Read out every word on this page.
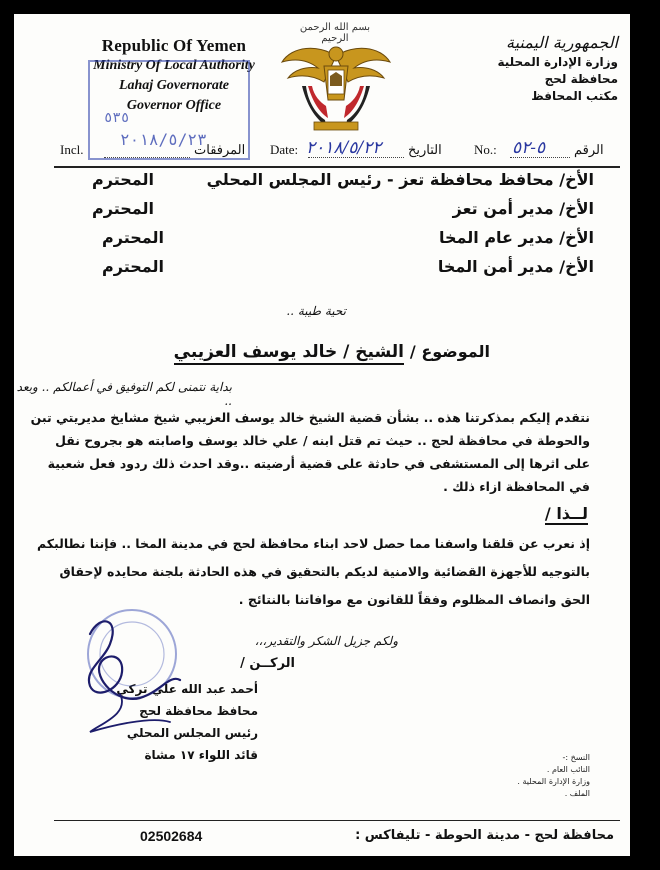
Republic Of Yemen
Ministry Of Local Authority
Lahaj Governorate
Governor Office
٥٣٥
٢٠١٨/٥/٢٣
بسم الله الرحمن الرحيم	الجمهورية اليمنية
وزارة الإدارة المحلية
محافظة لحج
مكتب المحافظ
Incl.	المرفقات Date: ٢٠١٨/٥/٢٢ التاريخ No.: ٥-٥٢ الرقم
الأخ/ محافظ محافظة تعز - رئيس المجلس المحلي
المحترم
الأخ/ مدير أمن تعز
المحترم
الأخ/ مدير عام المخا
المحترم
الأخ/ مدير أمن المخا
المحترم
تحية طيبة ..
الموضوع / الشيخ / خالد يوسف العزيبي
بداية نتمنى لكم التوفيق في أعمالكم .. وبعد ..
نتقدم إليكم بمذكرتنا هذه .. بشأن قضية الشيخ خالد يوسف العزيبي شيخ مشايخ مديريتي تبن والحوطة في محافظة لحج .. حيث تم قتل ابنه / علي خالد يوسف واصابته هو بجروح نقل على اثرها إلى المستشفى في حادثة على قضية أرضيته ..وقد احدث ذلك ردود فعل شعبية في المحافظة ازاء ذلك .
لــذا /
إذ نعرب عن قلقنا واسفنا مما حصل لاحد ابناء محافظة لحج في مدينة المخا .. فإننا نطالبكم بالتوجيه للأجهزة القضائية والامنية لديكم بالتحقيق في هذه الحادثة بلجنة محايده لإحقاق الحق وانصاف المظلوم وفقاً للقانون مع موافاتنا بالنتائج .
ولكم جزيل الشكر والتقدير،،،
الركــن /
أحمد عبد الله علي تركي
محافظ محافظة لحج
رئيس المجلس المحلي
قائد اللواء ١٧ مشاة	النسخ :-
النائب العام .
وزارة الإدارة المحلية .
الملف .
02502684	محافظة لحج - مدينة الحوطة - تليفاكس :
